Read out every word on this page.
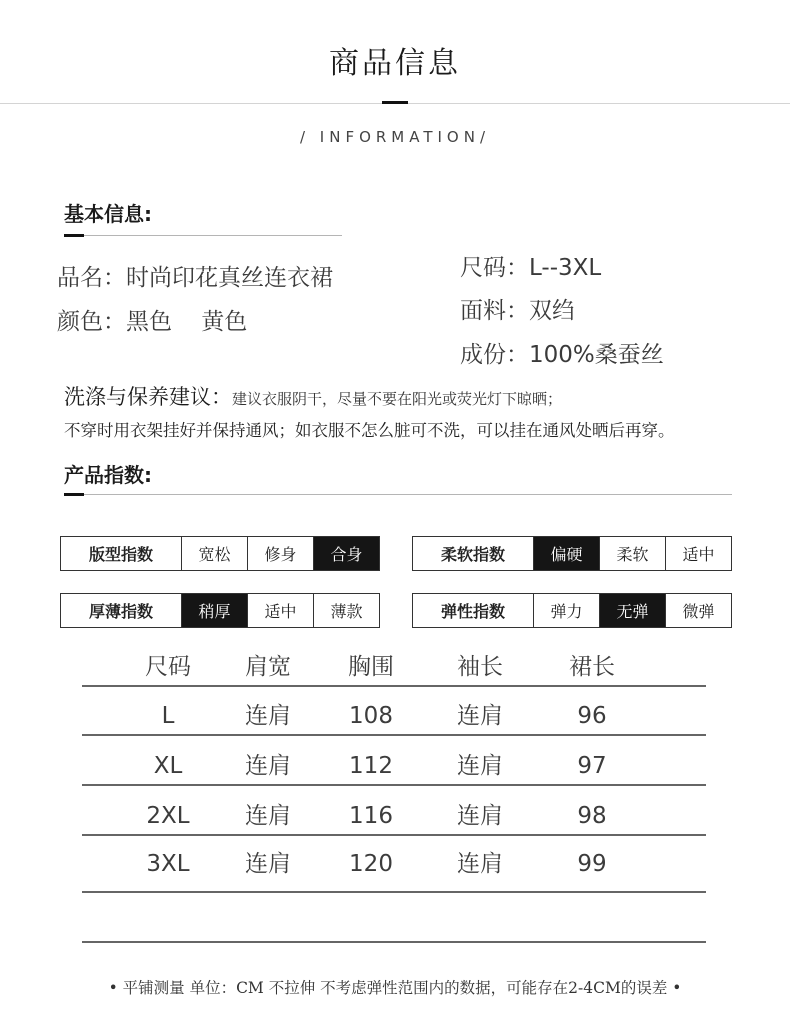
商品信息
/ INFORMATION/
基本信息:
品名：时尚印花真丝连衣裙
颜色：黑色    黄色
尺码：L--3XL
面料：双绉
成份：100%桑蚕丝
洗涤与保养建议：建议衣服阴干，尽量不要在阳光或荧光灯下晾晒；
不穿时用衣架挂好并保持通风；如衣服不怎么脏可不洗，可以挂在通风处晒后再穿。
产品指数:
版型指数	宽松	修身	合身	柔软指数	偏硬	柔软	适中
厚薄指数	稍厚	适中	薄款	弹性指数	弹力	无弹	微弹
尺码	肩宽	胸围	袖长	裙长
L	连肩	108	连肩	96
XL	连肩	112	连肩	97
2XL	连肩	116	连肩	98
3XL	连肩	120	连肩	99
• 平铺测量 单位：CM 不拉伸 不考虑弹性范围内的数据，可能存在2-4CM的误差 •
